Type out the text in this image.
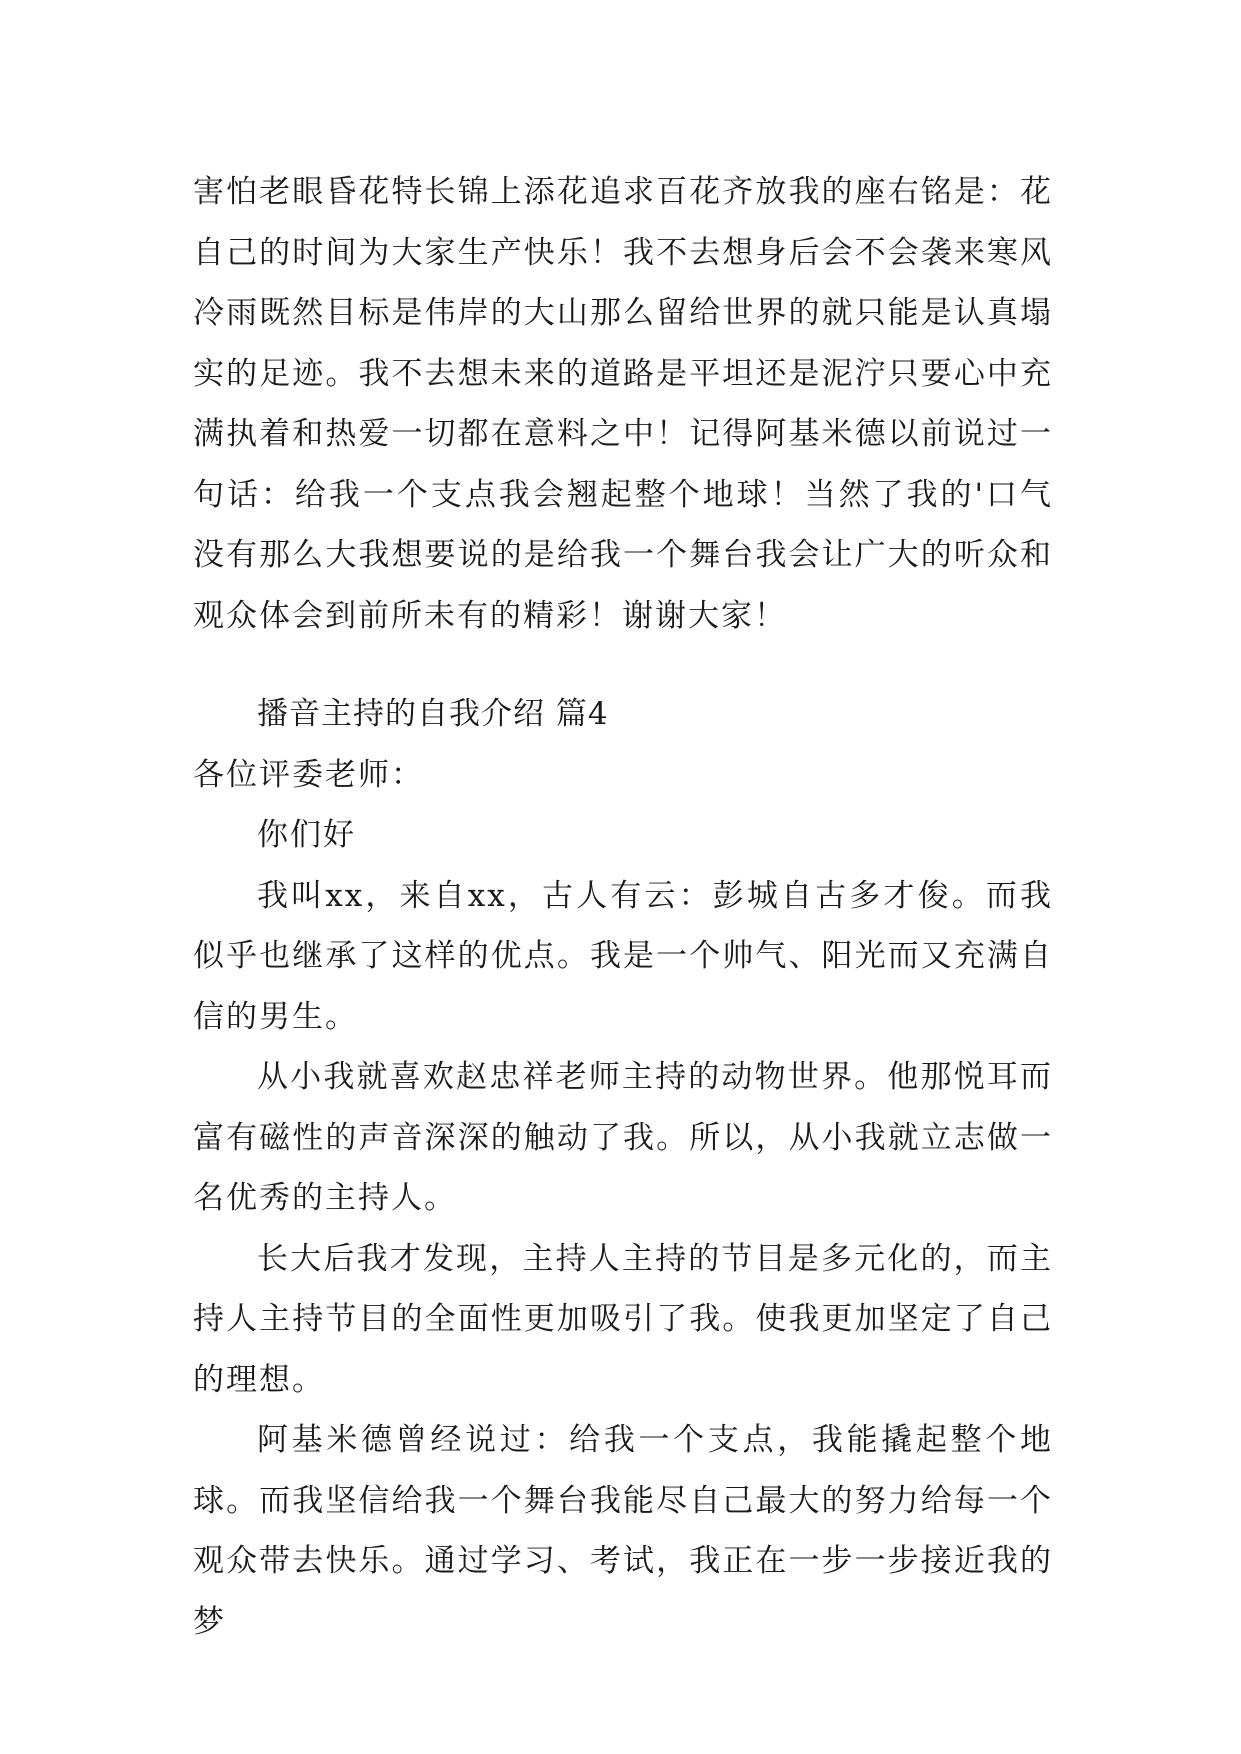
害怕老眼昏花特长锦上添花追求百花齐放我的座右铭是：花自己的时间为大家生产快乐！我不去想身后会不会袭来寒风冷雨既然目标是伟岸的大山那么留给世界的就只能是认真塌实的足迹。我不去想未来的道路是平坦还是泥泞只要心中充满执着和热爱一切都在意料之中！记得阿基米德以前说过一句话：给我一个支点我会翘起整个地球！当然了我的'口气没有那么大我想要说的是给我一个舞台我会让广大的听众和观众体会到前所未有的精彩！谢谢大家！

播音主持的自我介绍 篇4

各位评委老师：

你们好

我叫xx，来自xx，古人有云：彭城自古多才俊。而我似乎也继承了这样的优点。我是一个帅气、阳光而又充满自信的男生。

从小我就喜欢赵忠祥老师主持的动物世界。他那悦耳而富有磁性的声音深深的触动了我。所以，从小我就立志做一名优秀的主持人。

长大后我才发现，主持人主持的节目是多元化的，而主持人主持节目的全面性更加吸引了我。使我更加坚定了自己的理想。

阿基米德曾经说过：给我一个支点，我能撬起整个地球。而我坚信给我一个舞台我能尽自己最大的努力给每一个观众带去快乐。通过学习、考试，我正在一步一步接近我的梦
